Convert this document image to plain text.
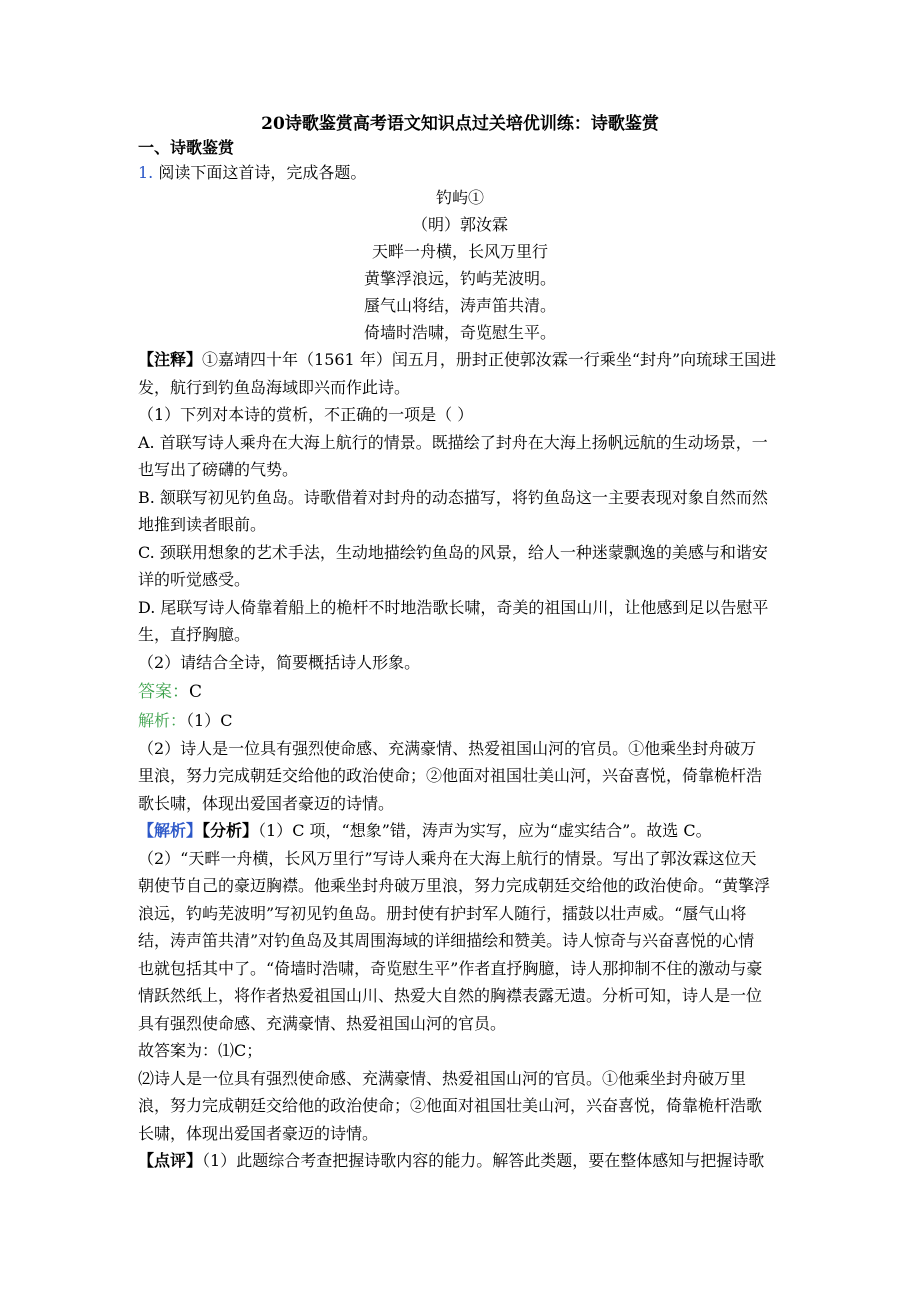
20诗歌鉴赏高考语文知识点过关培优训练：诗歌鉴赏
一、诗歌鉴赏
1. 阅读下面这首诗，完成各题。
钓屿①
（明）郭汝霖
天畔一舟横，长风万里行
黄擎浮浪远，钓屿芜波明。
蜃气山将结，涛声笛共清。
倚墙时浩啸，奇览慰生平。
【注释】①嘉靖四十年（1561 年）闰五月，册封正使郭汝霖一行乘坐“封舟”向琉球王国进
发，航行到钓鱼岛海域即兴而作此诗。
（1）下列对本诗的赏析，不正确的一项是（ ）
A. 首联写诗人乘舟在大海上航行的情景。既描绘了封舟在大海上扬帆远航的生动场景，一
也写出了磅礴的气势。
B. 颔联写初见钓鱼岛。诗歌借着对封舟的动态描写，将钓鱼岛这一主要表现对象自然而然
地推到读者眼前。
C. 颈联用想象的艺术手法，生动地描绘钓鱼岛的风景，给人一种迷蒙飘逸的美感与和谐安
详的听觉感受。
D. 尾联写诗人倚靠着船上的桅杆不时地浩歌长啸，奇美的祖国山川，让他感到足以告慰平
生，直抒胸臆。
（2）请结合全诗，简要概括诗人形象。
答案：C
解析：（1）C
（2）诗人是一位具有强烈使命感、充满豪情、热爱祖国山河的官员。①他乘坐封舟破万
里浪，努力完成朝廷交给他的政治使命；②他面对祖国壮美山河，兴奋喜悦，倚靠桅杆浩
歌长啸，体现出爱国者豪迈的诗情。
【解析】【分析】（1）C 项，“想象”错，涛声为实写，应为“虚实结合”。故选 C。
（2）“天畔一舟横，长风万里行”写诗人乘舟在大海上航行的情景。写出了郭汝霖这位天
朝使节自己的豪迈胸襟。他乘坐封舟破万里浪，努力完成朝廷交给他的政治使命。“黄擎浮
浪远，钓屿芜波明”写初见钓鱼岛。册封使有护封军人随行，擂鼓以壮声威。“蜃气山将
结，涛声笛共清”对钓鱼岛及其周围海域的详细描绘和赞美。诗人惊奇与兴奋喜悦的心情
也就包括其中了。“倚墙时浩啸，奇览慰生平”作者直抒胸臆，诗人那抑制不住的激动与豪
情跃然纸上，将作者热爱祖国山川、热爱大自然的胸襟表露无遗。分析可知，诗人是一位
具有强烈使命感、充满豪情、热爱祖国山河的官员。
故答案为：⑴C；
⑵诗人是一位具有强烈使命感、充满豪情、热爱祖国山河的官员。①他乘坐封舟破万里
浪，努力完成朝廷交给他的政治使命；②他面对祖国壮美山河，兴奋喜悦，倚靠桅杆浩歌
长啸，体现出爱国者豪迈的诗情。
【点评】（1）此题综合考查把握诗歌内容的能力。解答此类题，要在整体感知与把握诗歌
